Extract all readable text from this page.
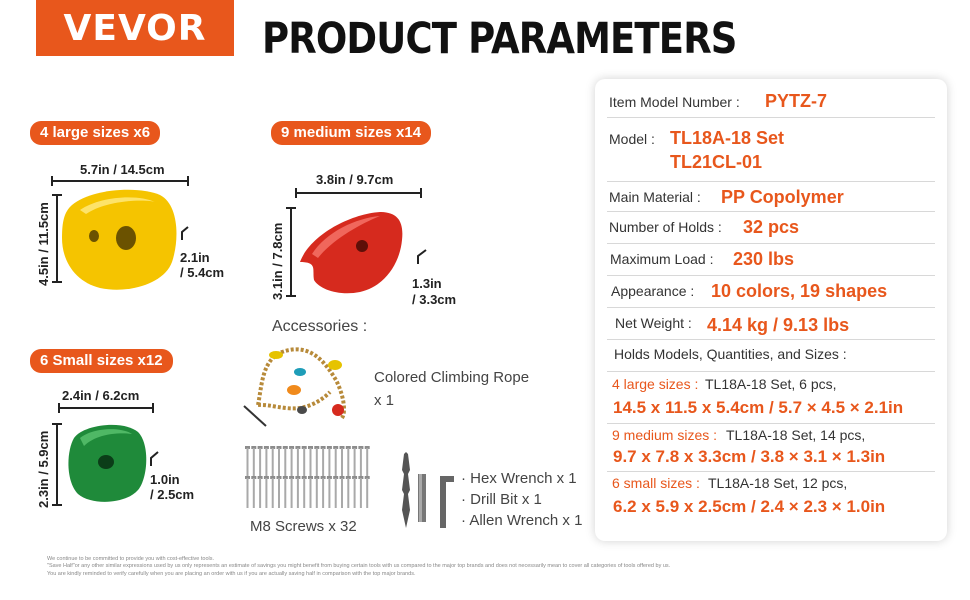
VEVOR	PRODUCT PARAMETERS
4 large sizes x6
5.7in / 14.5cm
4.5in / 11.5cm	2.1in
/ 5.4cm
9 medium sizes x14
3.8in / 9.7cm
3.1in / 7.8cm	1.3in
/ 3.3cm
6 Small sizes x12
2.4in / 6.2cm
2.3in / 5.9cm	1.0in
/ 2.5cm
Accessories :
Colored Climbing Rope
x 1
M8 Screws x 32
· Hex Wrench x 1
· Drill Bit x 1
· Allen Wrench x 1
Item Model Number : PYTZ-7
Model : TL18A-18 Set
TL21CL-01
Main Material : PP Copolymer
Number of Holds : 32 pcs
Maximum Load : 230 lbs
Appearance : 10 colors, 19 shapes
Net Weight : 4.14 kg / 9.13 lbs
Holds Models, Quantities, and Sizes :
4 large sizes : TL18A-18 Set, 6 pcs,
14.5 x 11.5 x 5.4cm / 5.7 × 4.5 × 2.1in
9 medium sizes : TL18A-18 Set, 14 pcs,
9.7 x 7.8 x 3.3cm / 3.8 × 3.1 × 1.3in
6 small sizes : TL18A-18 Set, 12 pcs,
6.2 x 5.9 x 2.5cm / 2.4 × 2.3 × 1.0in
We continue to be committed to provide you with cost-effective tools.
"Save Half"or any other similar expressions used by us only represents an estimate of savings you might benefit from buying certain tools with us compared to the major top brands and does not necessarily mean to cover all categories of tools offered by us.
You are kindly reminded to verify carefully when you are placing an order with us if you are actually saving half in comparison with the top major brands.
